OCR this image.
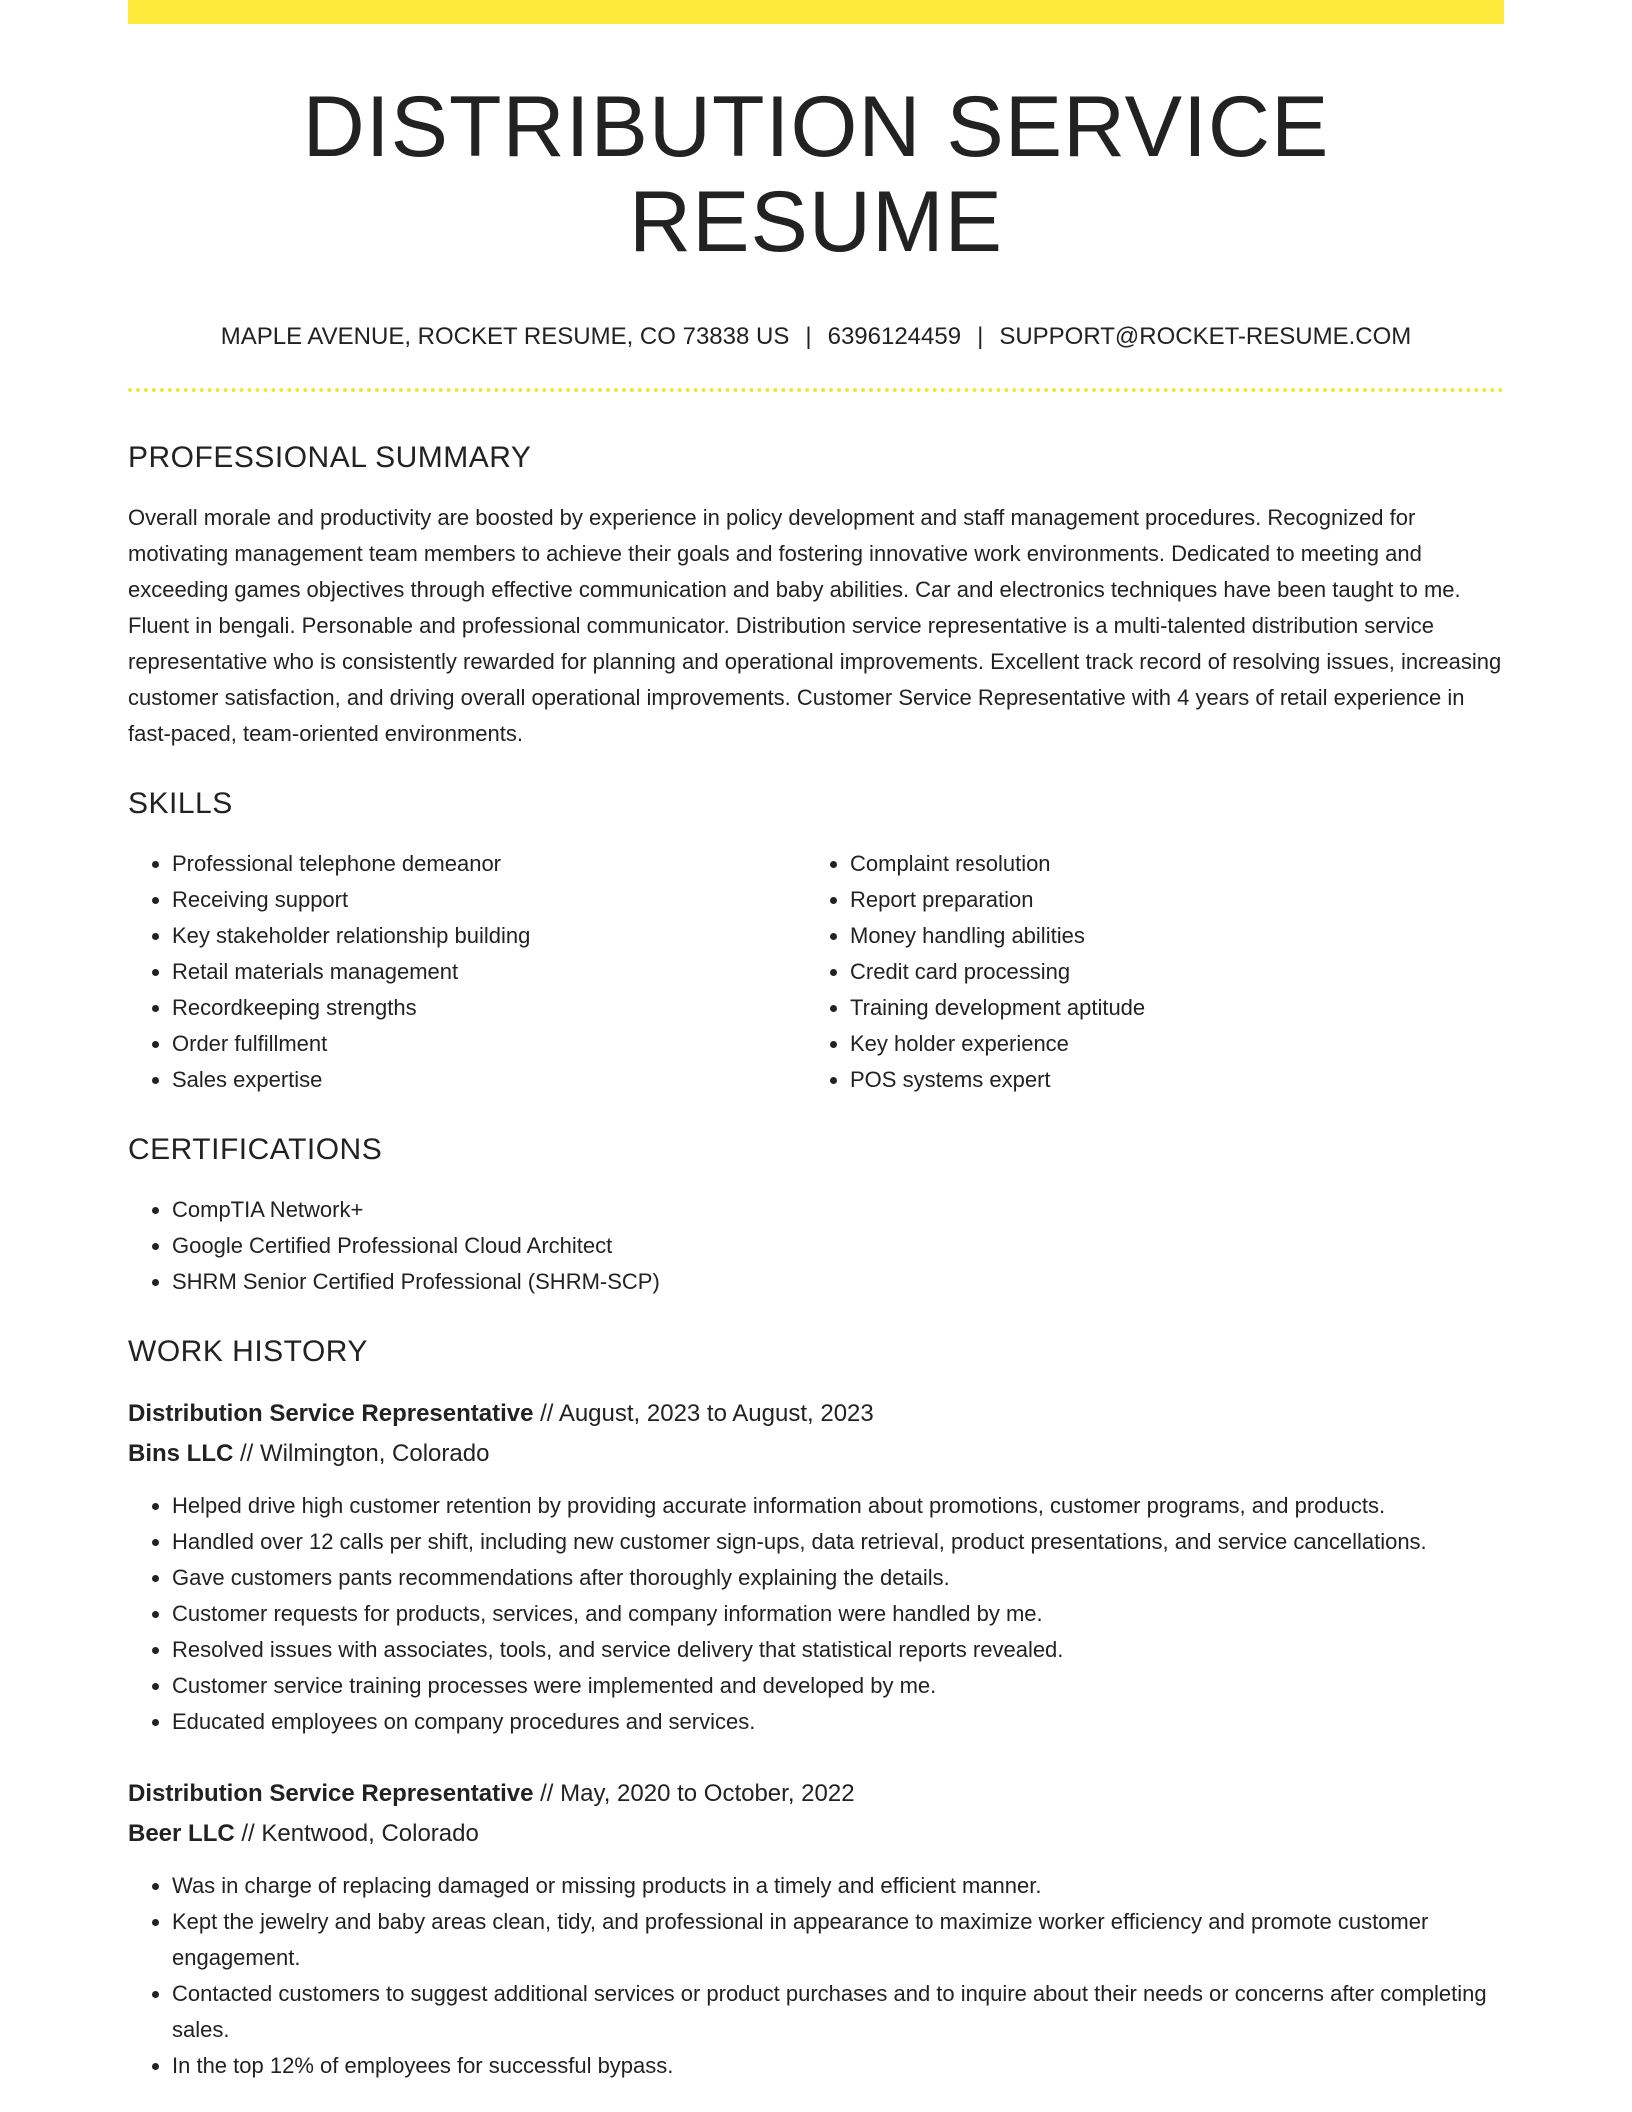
DISTRIBUTION SERVICE RESUME
MAPLE AVENUE, ROCKET RESUME, CO 73838 US | 6396124459 | SUPPORT@ROCKET-RESUME.COM
PROFESSIONAL SUMMARY

Overall morale and productivity are boosted by experience in policy development and staff management procedures. Recognized for motivating management team members to achieve their goals and fostering innovative work environments. Dedicated to meeting and exceeding games objectives through effective communication and baby abilities. Car and electronics techniques have been taught to me. Fluent in bengali. Personable and professional communicator. Distribution service representative is a multi-talented distribution service representative who is consistently rewarded for planning and operational improvements. Excellent track record of resolving issues, increasing customer satisfaction, and driving overall operational improvements. Customer Service Representative with 4 years of retail experience in fast-paced, team-oriented environments.

SKILLS
• Professional telephone demeanor
• Receiving support
• Key stakeholder relationship building
• Retail materials management
• Recordkeeping strengths
• Order fulfillment
• Sales expertise
• Complaint resolution
• Report preparation
• Money handling abilities
• Credit card processing
• Training development aptitude
• Key holder experience
• POS systems expert
CERTIFICATIONS
• CompTIA Network+
• Google Certified Professional Cloud Architect
• SHRM Senior Certified Professional (SHRM-SCP)
WORK HISTORY
Distribution Service Representative // August, 2023 to August, 2023
Bins LLC // Wilmington, Colorado
• Helped drive high customer retention by providing accurate information about promotions, customer programs, and products.
• Handled over 12 calls per shift, including new customer sign-ups, data retrieval, product presentations, and service cancellations.
• Gave customers pants recommendations after thoroughly explaining the details.
• Customer requests for products, services, and company information were handled by me.
• Resolved issues with associates, tools, and service delivery that statistical reports revealed.
• Customer service training processes were implemented and developed by me.
• Educated employees on company procedures and services.
Distribution Service Representative // May, 2020 to October, 2022
Beer LLC // Kentwood, Colorado
• Was in charge of replacing damaged or missing products in a timely and efficient manner.
• Kept the jewelry and baby areas clean, tidy, and professional in appearance to maximize worker efficiency and promote customer engagement.
• Contacted customers to suggest additional services or product purchases and to inquire about their needs or concerns after completing sales.
• In the top 12% of employees for successful bypass.
